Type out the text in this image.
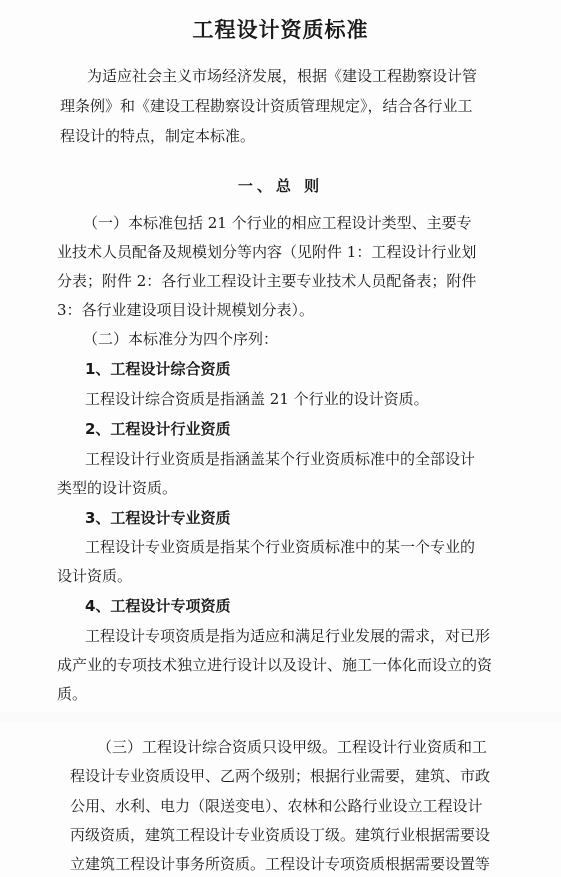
工程设计资质标准
为适应社会主义市场经济发展，根据《建设工程勘察设计管
理条例》和《建设工程勘察设计资质管理规定》，结合各行业工
程设计的特点，制定本标准。
一、总 则
（一）本标准包括 21 个行业的相应工程设计类型、主要专
业技术人员配备及规模划分等内容（见附件 1：工程设计行业划
分表；附件 2：各行业工程设计主要专业技术人员配备表；附件
3：各行业建设项目设计规模划分表）。
（二）本标准分为四个序列：
1、工程设计综合资质
工程设计综合资质是指涵盖 21 个行业的设计资质。
2、工程设计行业资质
工程设计行业资质是指涵盖某个行业资质标准中的全部设计
类型的设计资质。
3、工程设计专业资质
工程设计专业资质是指某个行业资质标准中的某一个专业的
设计资质。
4、工程设计专项资质
工程设计专项资质是指为适应和满足行业发展的需求，对已形
成产业的专项技术独立进行设计以及设计、施工一体化而设立的资
质。
（三）工程设计综合资质只设甲级。工程设计行业资质和工
程设计专业资质设甲、乙两个级别；根据行业需要，建筑、市政
公用、水利、电力（限送变电）、农林和公路行业设立工程设计
丙级资质，建筑工程设计专业资质设丁级。建筑行业根据需要设
立建筑工程设计事务所资质。工程设计专项资质根据需要设置等
